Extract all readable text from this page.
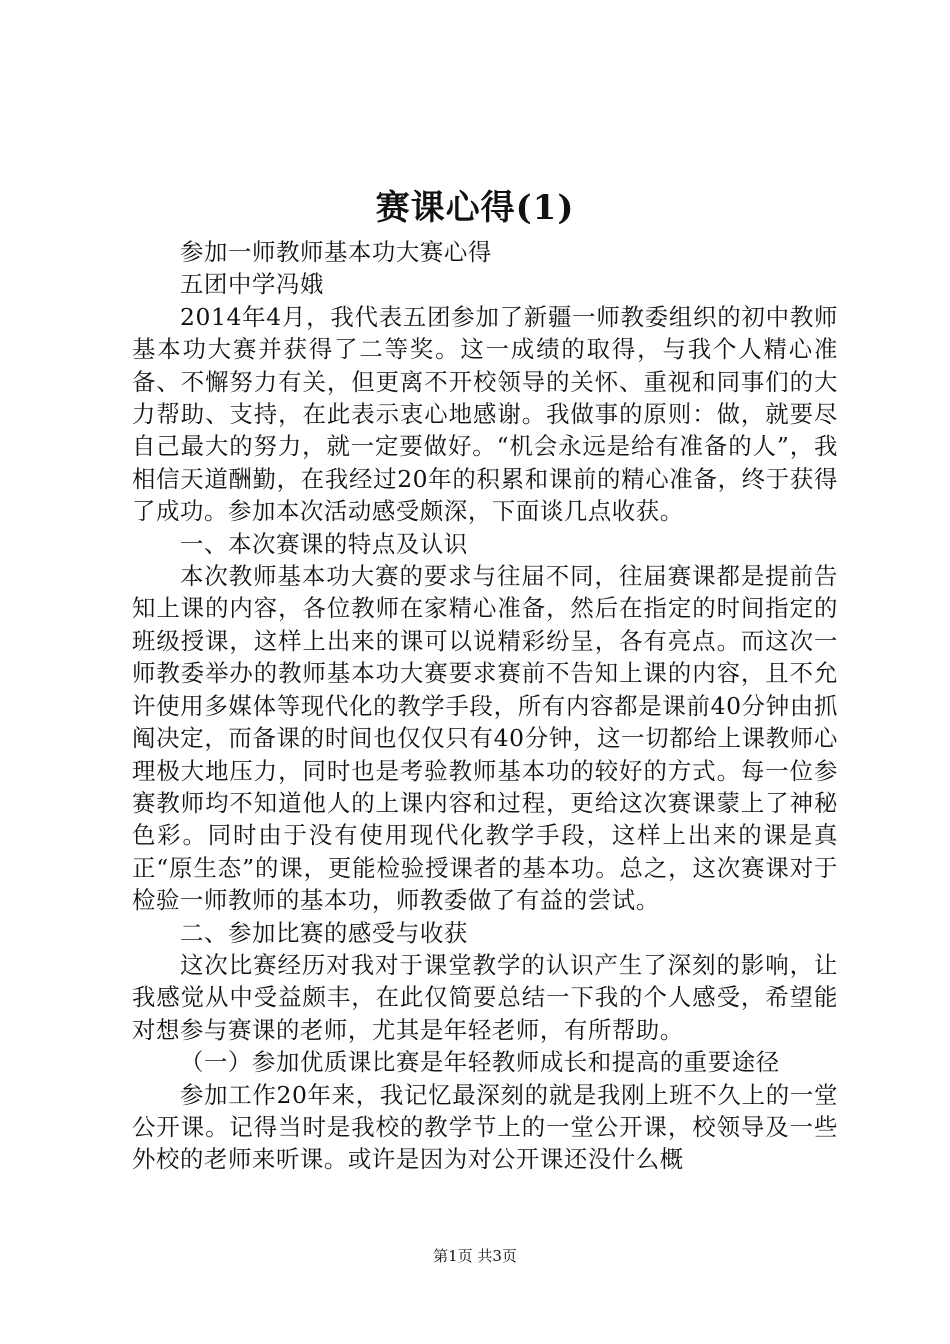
赛课心得(1)

参加一师教师基本功大赛心得

五团中学冯娥

2014年4月，我代表五团参加了新疆一师教委组织的初中教师基本功大赛并获得了二等奖。这一成绩的取得，与我个人精心准备、不懈努力有关，但更离不开校领导的关怀、重视和同事们的大力帮助、支持，在此表示衷心地感谢。我做事的原则：做，就要尽自己最大的努力，就一定要做好。“机会永远是给有准备的人”，我相信天道酬勤，在我经过20年的积累和课前的精心准备，终于获得了成功。参加本次活动感受颇深，下面谈几点收获。

一、本次赛课的特点及认识

本次教师基本功大赛的要求与往届不同，往届赛课都是提前告知上课的内容，各位教师在家精心准备，然后在指定的时间指定的班级授课，这样上出来的课可以说精彩纷呈，各有亮点。而这次一师教委举办的教师基本功大赛要求赛前不告知上课的内容，且不允许使用多媒体等现代化的教学手段，所有内容都是课前40分钟由抓阄决定，而备课的时间也仅仅只有40分钟，这一切都给上课教师心理极大地压力，同时也是考验教师基本功的较好的方式。每一位参赛教师均不知道他人的上课内容和过程，更给这次赛课蒙上了神秘色彩。同时由于没有使用现代化教学手段，这样上出来的课是真正“原生态”的课，更能检验授课者的基本功。总之，这次赛课对于检验一师教师的基本功，师教委做了有益的尝试。

二、参加比赛的感受与收获

这次比赛经历对我对于课堂教学的认识产生了深刻的影响，让我感觉从中受益颇丰，在此仅简要总结一下我的个人感受，希望能对想参与赛课的老师，尤其是年轻老师，有所帮助。

（一）参加优质课比赛是年轻教师成长和提高的重要途径

参加工作20年来，我记忆最深刻的就是我刚上班不久上的一堂公开课。记得当时是我校的教学节上的一堂公开课，校领导及一些外校的老师来听课。或许是因为对公开课还没什么概

第1页 共3页
